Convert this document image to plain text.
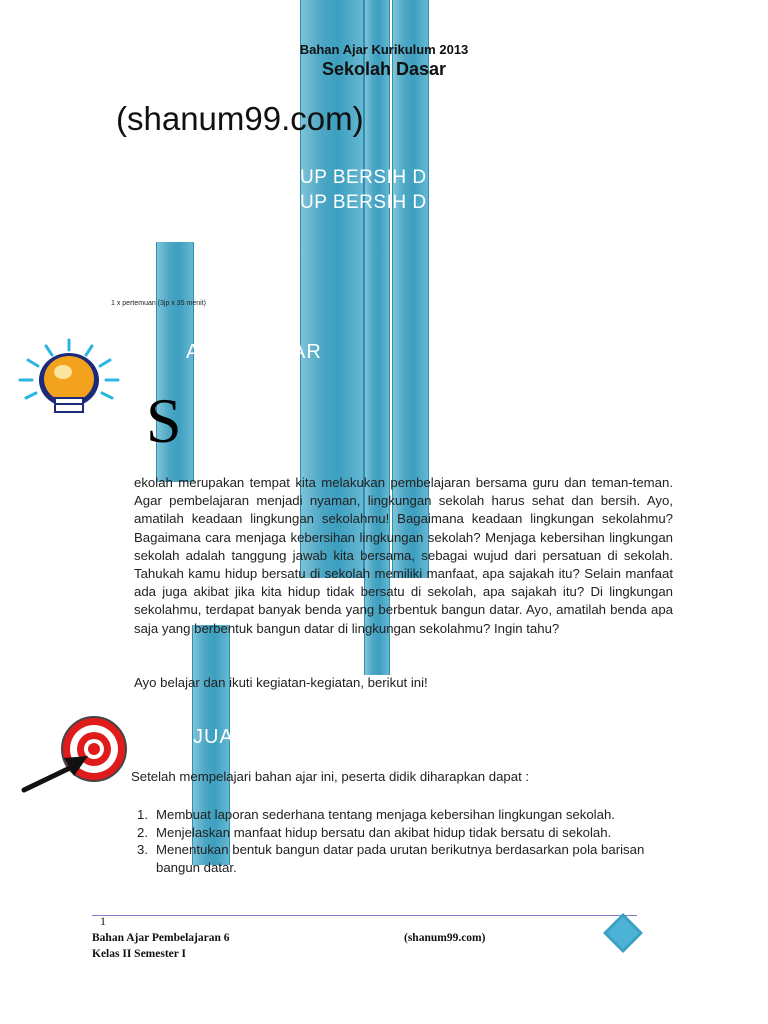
Bahan Ajar Kurikulum 2013
Sekolah Dasar
(shanum99.com)
UP BERSIH D
UP BERSIH D
1 x pertemuan (3jp x 35 menit)
A          NTAR
S
ekolah merupakan tempat kita melakukan pembelajaran bersama guru dan teman-teman. Agar pembelajaran menjadi nyaman, lingkungan sekolah harus sehat dan bersih. Ayo, amatilah keadaan lingkungan sekolahmu! Bagaimana keadaan lingkungan sekolahmu? Bagaimana cara menjaga kebersihan lingkungan sekolah? Menjaga kebersihan lingkungan sekolah adalah tanggung jawab kita bersama, sebagai wujud dari persatuan di sekolah. Tahukah kamu hidup bersatu di sekolah memiliki manfaat, apa sajakah itu? Selain manfaat ada juga akibat jika kita hidup tidak bersatu di sekolah, apa sajakah itu? Di lingkungan sekolahmu, terdapat banyak benda yang berbentuk bangun datar. Ayo, amatilah benda apa saja yang berbentuk bangun datar di lingkungan sekolahmu? Ingin tahu?
Ayo belajar dan ikuti kegiatan-kegiatan, berikut ini!
JUA
Setelah mempelajari bahan ajar ini, peserta didik diharapkan dapat :
1. Membuat laporan sederhana tentang menjaga kebersihan lingkungan sekolah.
2. Menjelaskan manfaat hidup bersatu dan akibat hidup tidak bersatu di sekolah.
3. Menentukan bentuk bangun datar pada urutan berikutnya berdasarkan pola barisan bangun datar.
1
Bahan Ajar Pembelajaran 6
Kelas II Semester I
(shanum99.com)
